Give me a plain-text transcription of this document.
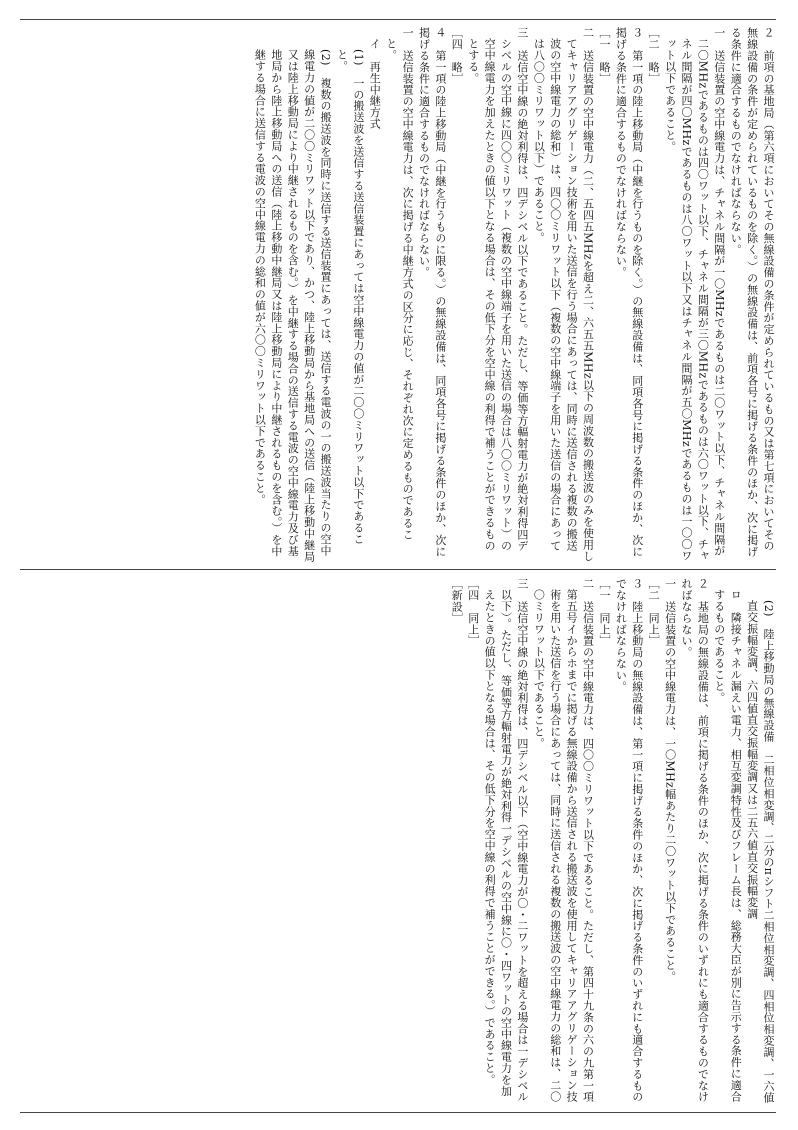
２　前項の基地局（第六項においてその無線設備の条件が定められているもの又は第七項においてその無線設備の条件が定められているものを除く。）の無線設備は、前項各号に掲げる条件のほか、次に掲げる条件に適合するものでなければならない。

一　送信装置の空中線電力は、チャネル間隔が一〇MHzであるものは二〇ワット以下、チャネル間隔が二〇MHzであるものは四〇ワット以下、チャネル間隔が三〇MHzであるものは六〇ワット以下、チャネル間隔が四〇MHzであるものは八〇ワット以下又はチャネル間隔が五〇MHzであるものは一〇〇ワット以下であること。

［二　略］

３　第一項の陸上移動局（中継を行うものを除く。）の無線設備は、同項各号に掲げる条件のほか、次に掲げる条件に適合するものでなければならない。

［一　略］

二　送信装置の空中線電力（二、五四五MHzを超え二、六五五MHz以下の周波数の搬送波のみを使用してキャリアアグリゲーション技術を用いた送信を行う場合にあっては、同時に送信される複数の搬送波の空中線電力の総和）は、四〇〇ミリワット以下（複数の空中線端子を用いた送信の場合にあっては八〇〇ミリワット以下）であること。

三　送信空中線の絶対利得は、四デシベル以下であること。ただし、等価等方輻射電力が絶対利得四デシベルの空中線に四〇〇ミリワット（複数の空中線端子を用いた送信の場合は八〇〇ミリワット）の空中線電力を加えたときの値以下となる場合は、その低下分を空中線の利得で補うことができるものとする。

［四　略］

４　第一項の陸上移動局（中継を行うものに限る。）の無線設備は、同項各号に掲げる条件のほか、次に掲げる条件に適合するものでなければならない。

一　送信装置の空中線電力は、次に掲げる中継方式の区分に応じ、それぞれ次に定めるものであること。

イ　再生中継方式

(1)　一の搬送波を送信する送信装置にあっては空中線電力の値が二〇〇ミリワット以下であること。

(2)　複数の搬送波を同時に送信する送信装置にあっては、送信する電波の一の搬送波当たりの空中線電力の値が二〇〇ミリワット以下であり、かつ、陸上移動局から基地局への送信（陸上移動中継局又は陸上移動局により中継されるものを含む。）を中継する場合の送信する電波の空中線電力及び基地局から陸上移動局への送信（陸上移動中継局又は陸上移動局により中継されるものを含む。）を中継する場合に送信する電波の空中線電力の総和の値が六〇〇ミリワット以下であること。

(2)　陸上移動局の無線設備　二相位相変調、二分のπシフト二相位相変調、四相位相変調、一六値直交振幅変調、六四値直交振幅変調又は二五六値直交振幅変調

ロ　隣接チャネル漏えい電力、相互変調特性及びフレーム長は、総務大臣が別に告示する条件に適合するものであること。

２　基地局の無線設備は、前項に掲げる条件のほか、次に掲げる条件のいずれにも適合するものでなければならない。

一　送信装置の空中線電力は、一〇MHz幅あたり二〇ワット以下であること。

［二　同上］

３　陸上移動局の無線設備は、第一項に掲げる条件のほか、次に掲げる条件のいずれにも適合するものでなければならない。

［一　同上］

二　送信装置の空中線電力は、四〇〇ミリワット以下であること。ただし、第四十九条の六の九第一項第五号イからホまでに掲げる無線設備から送信される搬送波を使用してキャリアアグリゲーション技術を用いた送信を行う場合にあっては、同時に送信される複数の搬送波の空中線電力の総和は、二〇〇ミリワット以下であること。

三　送信空中線の絶対利得は、四デシベル以下（空中線電力が〇・二ワットを超える場合は一デシベル以下）。ただし、等価等方輻射電力が絶対利得一デシベルの空中線に〇・四ワットの空中線電力を加えたときの値以下となる場合は、その低下分を空中線の利得で補うことができる。）であること。

［四　同上］

［新設］
